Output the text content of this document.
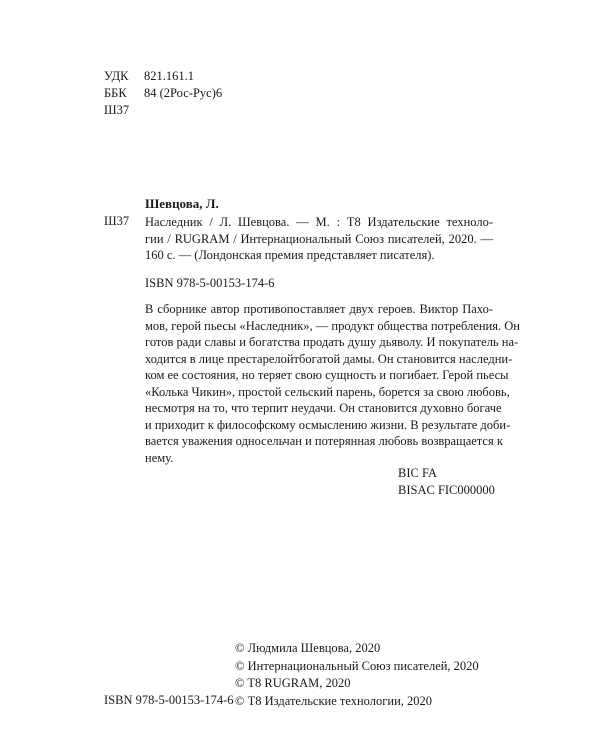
УДК 821.161.1
ББК 84 (2Рос-Рус)6
Ш37
Шевцова, Л.
Ш37 Наследник / Л. Шевцова. — М. : Т8 Издательские техноло-
гии / RUGRAM / Интернациональный Союз писателей, 2020. —
160 с. — (Лондонская премия представляет писателя).
ISBN 978-5-00153-174-6
В сборнике автор противопоставляет двух героев. Виктор Пахо-
мов, герой пьесы «Наследник», — продукт общества потребления. Он
готов ради славы и богатства продать душу дьяволу. И покупатель на-
ходится в лице престарелойтбогатой дамы. Он становится наследни-
ком ее состояния, но теряет свою сущность и погибает. Герой пьесы
«Колька Чикин», простой сельский парень, борется за свою любовь,
несмотря на то, что терпит неудачи. Он становится духовно богаче
и приходит к философскому осмыслению жизни. В результате доби-
вается уважения односельчан и потерянная любовь возвращается к
нему.
BIC FA
BISAC FIC000000
© Людмила Шевцова, 2020
© Интернациональный Союз писателей, 2020
© T8 RUGRAM, 2020
© Т8 Издательские технологии, 2020
ISBN 978-5-00153-174-6
